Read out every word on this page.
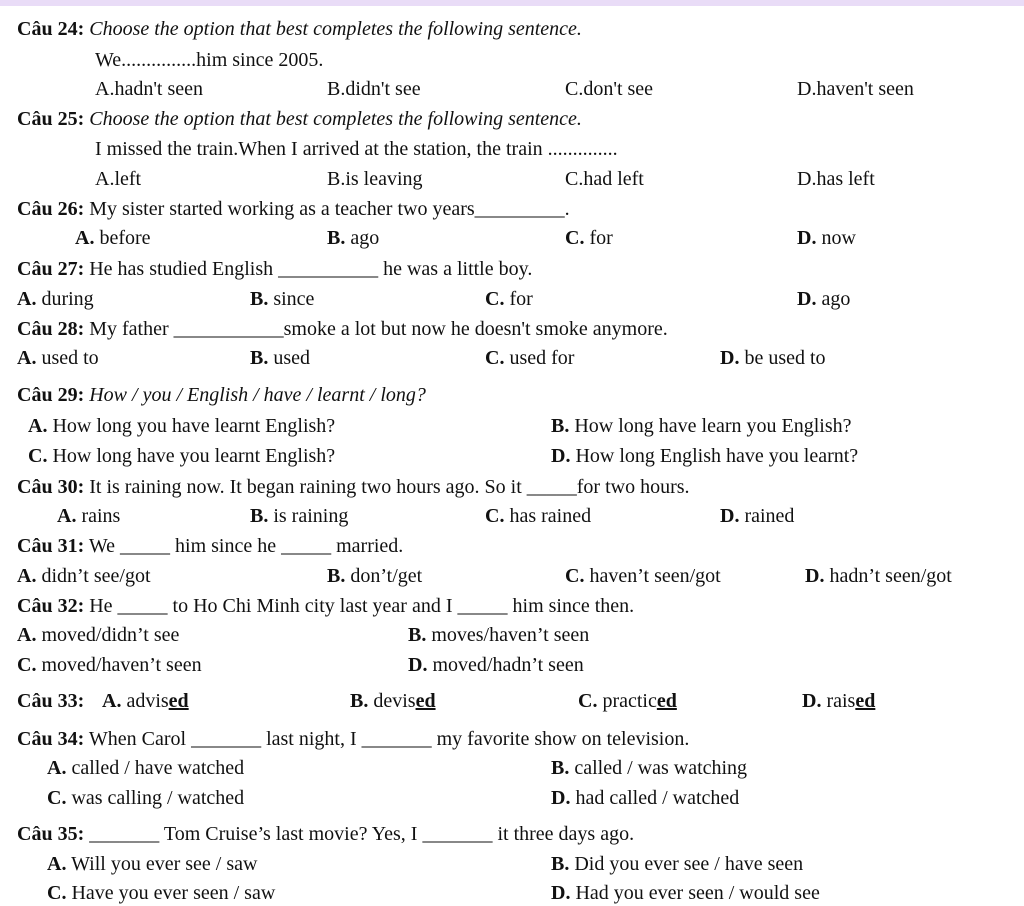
Câu 24: Choose the option that best completes the following sentence.
We...............him since 2005.
A.hadn't seen	B.didn't see	C.don't see	D.haven't seen
Câu 25: Choose the option that best completes the following sentence.
I missed the train.When I arrived at the station, the train ..............
A.left	B.is leaving	C.had left	D.has left
Câu 26: My sister started working as a teacher two years_________.
A. before	B. ago	C. for	D. now
Câu 27: He has studied English __________ he was a little boy.
A. during	B. since	C. for	D. ago
Câu 28: My father ___________smoke a lot but now he doesn't smoke anymore.
A. used to	B. used	C. used for	D. be used to
Câu 29: How / you / English / have / learnt / long?
A. How long you have learnt English?	B. How long have learn you English?
C. How long have you learnt English?	D. How long English have you learnt?
Câu 30: It is raining now. It began raining two hours ago. So it _____for two hours.
A. rains	B. is raining	C. has rained	D. rained
Câu 31: We _____ him since he _____ married.
A. didn’t see/got	B. don’t/get	C. haven’t seen/got	D. hadn’t seen/got
Câu 32: He _____ to Ho Chi Minh city last year and I _____ him since then.
A. moved/didn’t see	B. moves/haven’t seen
C. moved/haven’t seen	D. moved/hadn’t seen
Câu 33: A. advised	B. devised	C. practiced	D. raised
Câu 34: When Carol _______ last night, I _______ my favorite show on television.
A. called / have watched	B. called / was watching
C. was calling / watched	D. had called / watched
Câu 35: _______ Tom Cruise’s last movie? Yes, I _______ it three days ago.
A. Will you ever see / saw	B. Did you ever see / have seen
C. Have you ever seen / saw	D. Had you ever seen / would see
